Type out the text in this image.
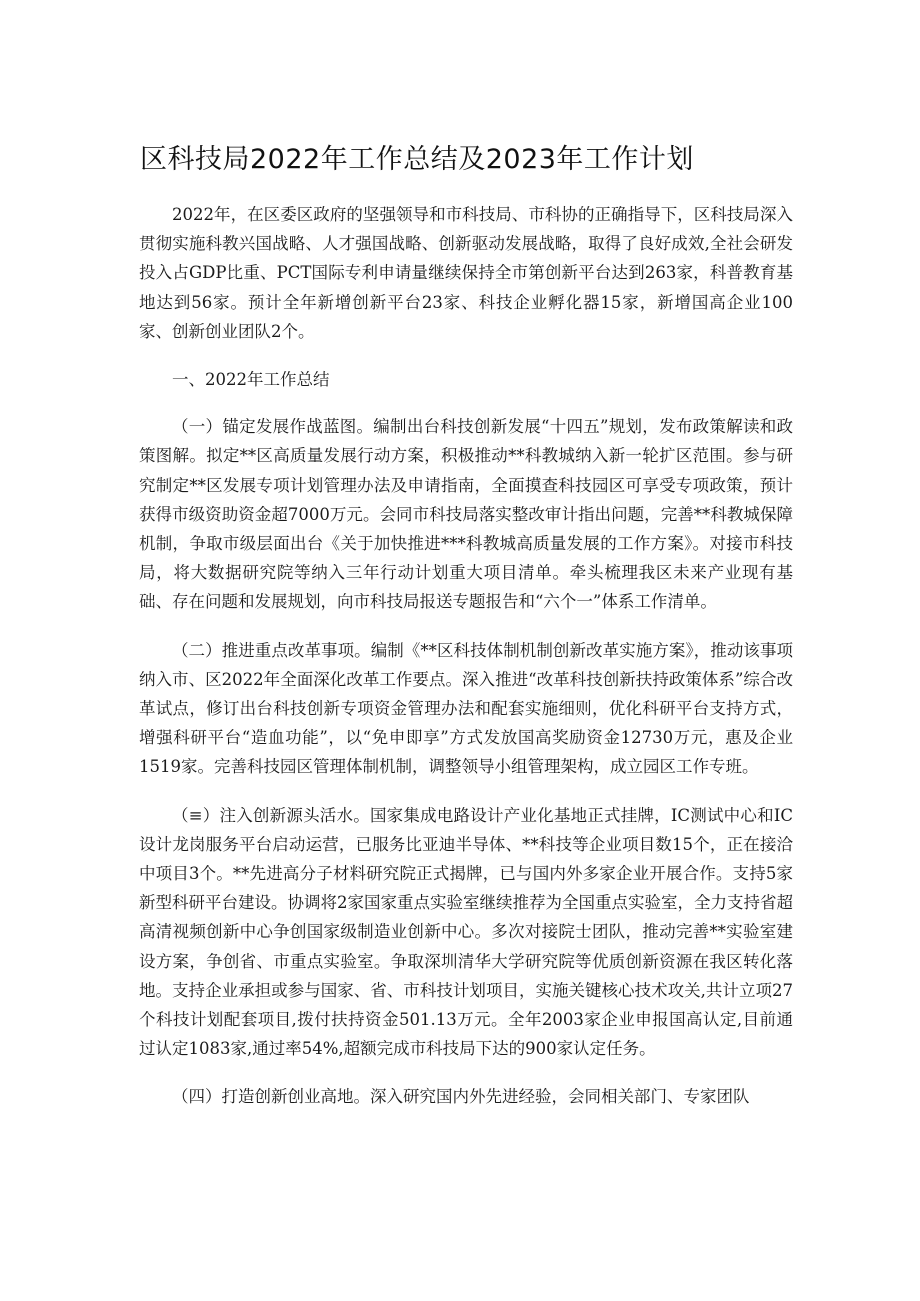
区科技局2022年工作总结及2023年工作计划

2022年，在区委区政府的坚强领导和市科技局、市科协的正确指导下，区科技局深入贯彻实施科教兴国战略、人才强国战略、创新驱动发展战略，取得了良好成效,全社会研发投入占GDP比重、PCT国际专利申请量继续保持全市第创新平台达到263家，科普教育基地达到56家。预计全年新增创新平台23家、科技企业孵化器15家，新增国高企业100家、创新创业团队2个。

一、2022年工作总结

（一）锚定发展作战蓝图。编制出台科技创新发展“十四五”规划，发布政策解读和政策图解。拟定**区高质量发展行动方案，积极推动**科教城纳入新一轮扩区范围。参与研究制定**区发展专项计划管理办法及申请指南，全面摸查科技园区可享受专项政策，预计获得市级资助资金超7000万元。会同市科技局落实整改审计指出问题，完善**科教城保障机制，争取市级层面出台《关于加快推进***科教城高质量发展的工作方案》。对接市科技局，将大数据研究院等纳入三年行动计划重大项目清单。牵头梳理我区未来产业现有基础、存在问题和发展规划，向市科技局报送专题报告和“六个一”体系工作清单。

（二）推进重点改革事项。编制《**区科技体制机制创新改革实施方案》，推动该事项纳入市、区2022年全面深化改革工作要点。深入推进“改革科技创新扶持政策体系”综合改革试点，修订出台科技创新专项资金管理办法和配套实施细则，优化科研平台支持方式，增强科研平台“造血功能”，以“免申即享”方式发放国高奖励资金12730万元，惠及企业1519家。完善科技园区管理体制机制，调整领导小组管理架构，成立园区工作专班。

（≡）注入创新源头活水。国家集成电路设计产业化基地正式挂牌，IC测试中心和IC设计龙岗服务平台启动运营，已服务比亚迪半导体、**科技等企业项目数15个，正在接洽中项目3个。**先进高分子材料研究院正式揭牌，已与国内外多家企业开展合作。支持5家新型科研平台建设。协调将2家国家重点实验室继续推荐为全国重点实验室，全力支持省超高清视频创新中心争创国家级制造业创新中心。多次对接院士团队，推动完善**实验室建设方案，争创省、市重点实验室。争取深圳清华大学研究院等优质创新资源在我区转化落地。支持企业承担或参与国家、省、市科技计划项目，实施关键核心技术攻关,共计立项27个科技计划配套项目,拨付扶持资金501.13万元。全年2003家企业申报国高认定,目前通过认定1083家,通过率54%,超额完成市科技局下达的900家认定任务。

（四）打造创新创业高地。深入研究国内外先进经验，会同相关部门、专家团队
